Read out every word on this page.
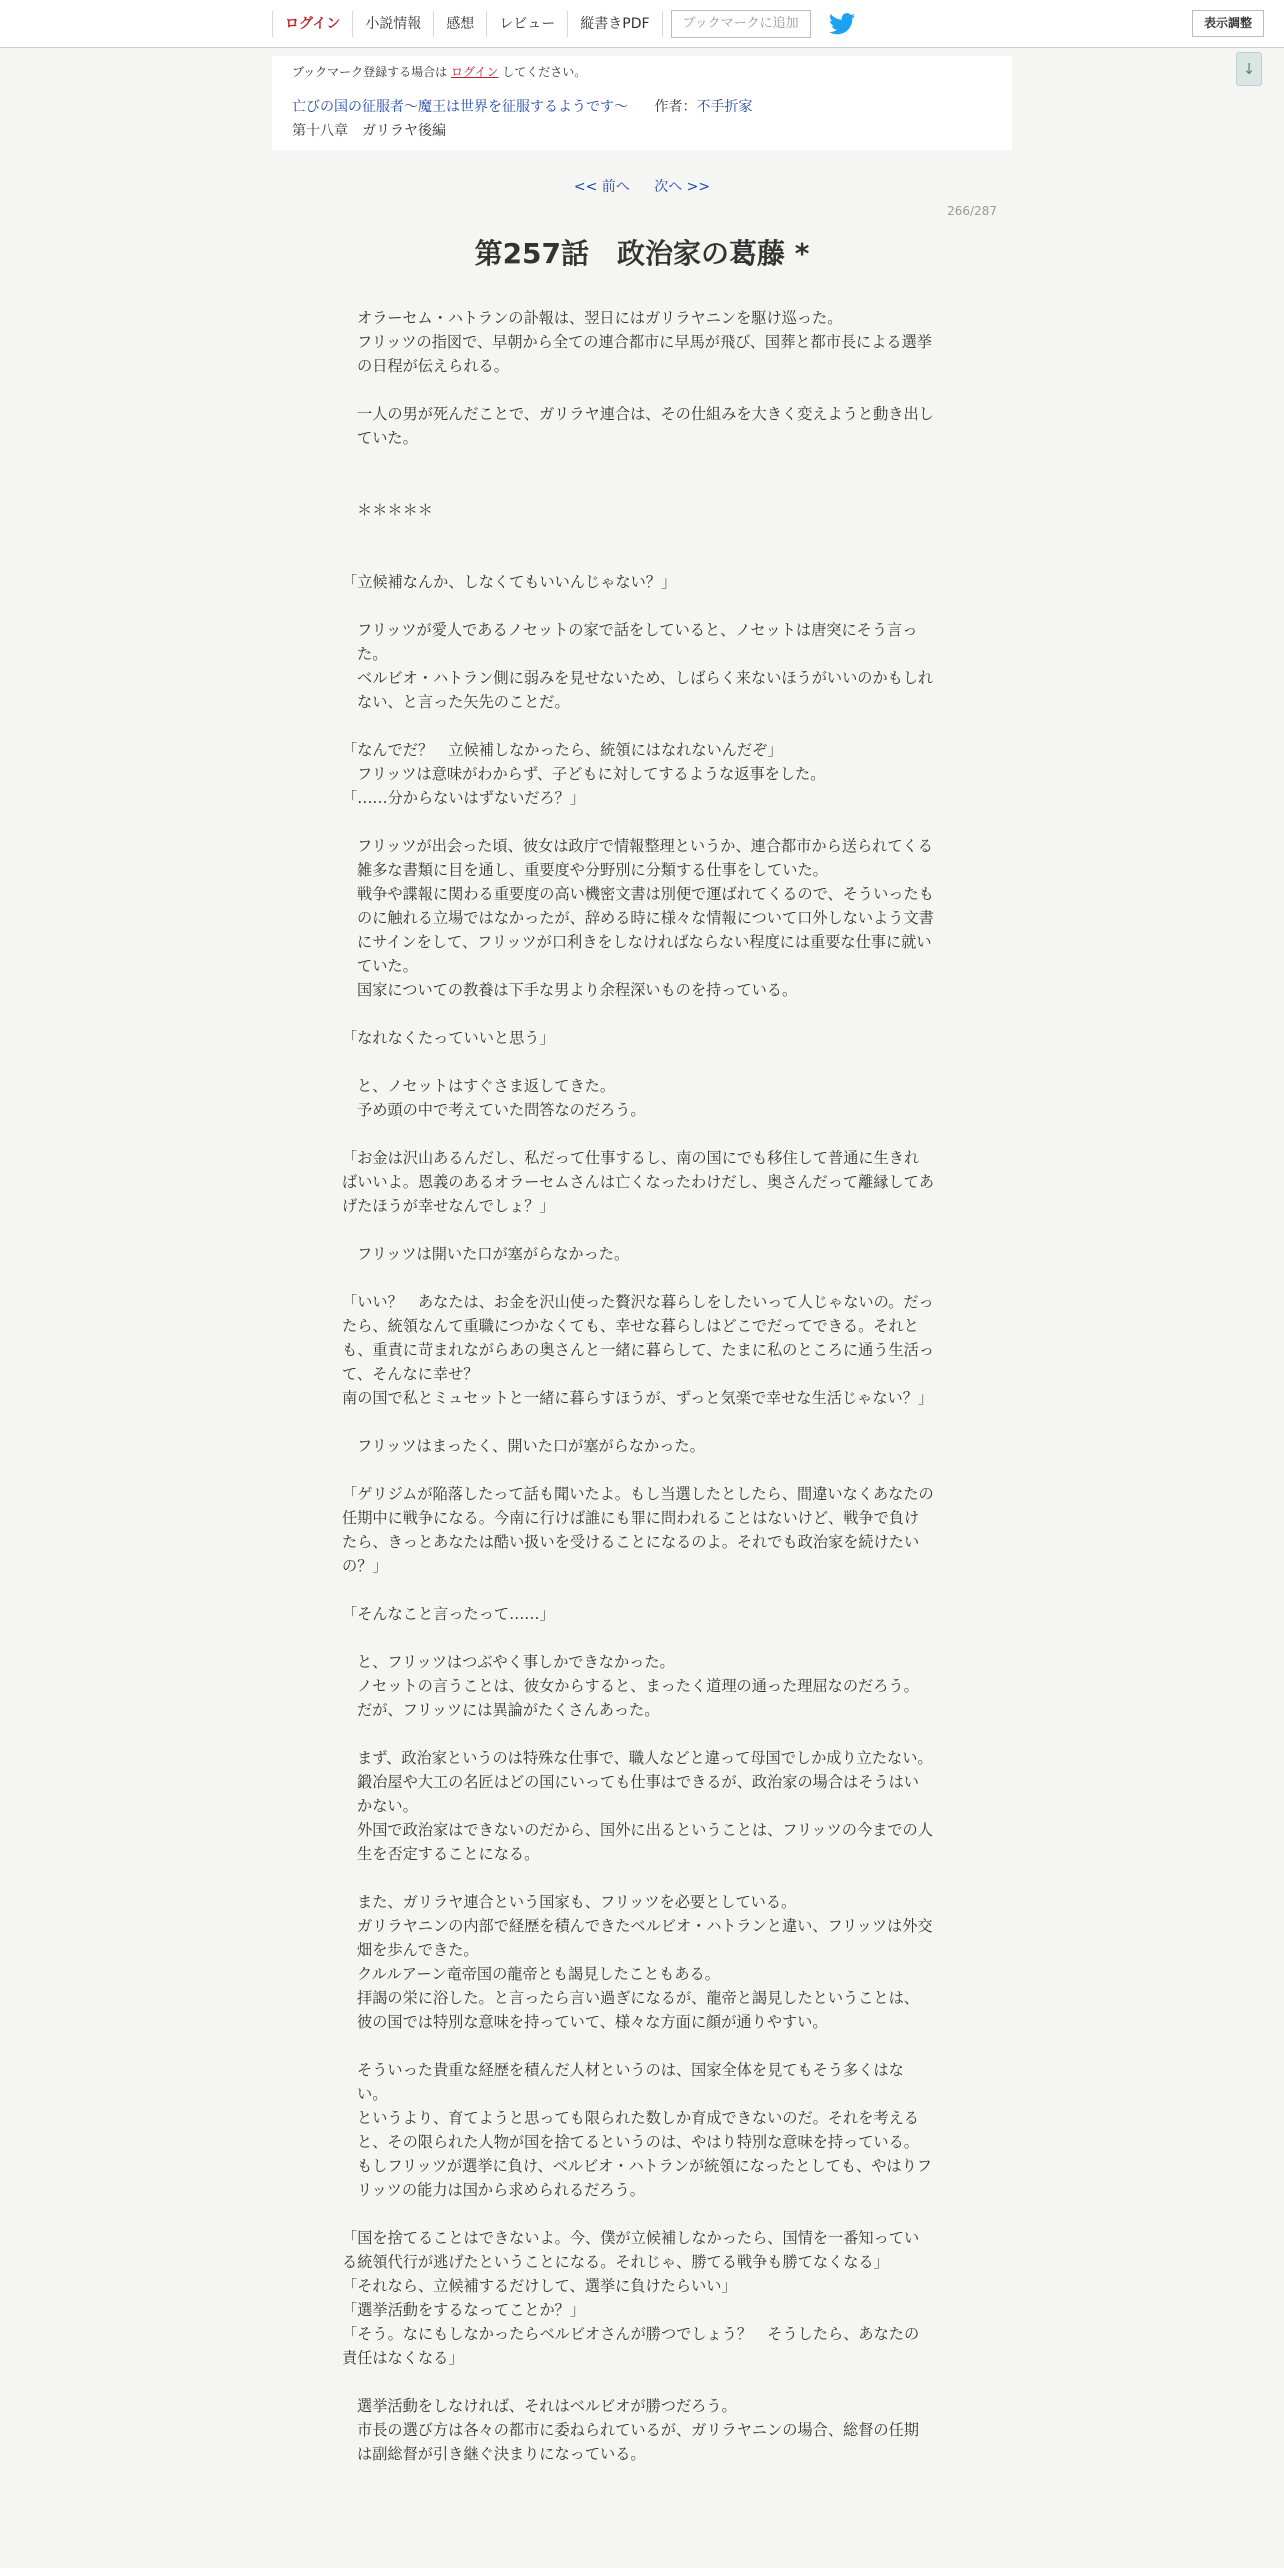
ログイン	小説情報	感想	レビュー	縦書きPDF	ブックマークに追加	表示調整
↓
ブックマーク登録する場合は ログイン してください。
亡びの国の征服者～魔王は世界を征服するようです～ 作者：不手折家
第十八章　ガリラヤ後編
<< 前へ 次へ >>
266/287
第257話　政治家の葛藤 *

オラーセム・ハトランの訃報は、翌日にはガリラヤニンを駆け巡った。

フリッツの指図で、早朝から全ての連合都市に早馬が飛び、国葬と都市長による選挙の日程が伝えられる。

一人の男が死んだことで、ガリラヤ連合は、その仕組みを大きく変えようと動き出していた。

＊＊＊＊＊

「立候補なんか、しなくてもいいんじゃない？」

フリッツが愛人であるノセットの家で話をしていると、ノセットは唐突にそう言った。

ベルビオ・ハトラン側に弱みを見せないため、しばらく来ないほうがいいのかもしれない、と言った矢先のことだ。

「なんでだ？　立候補しなかったら、統領にはなれないんだぞ」

フリッツは意味がわからず、子どもに対してするような返事をした。

「……分からないはずないだろ？」

フリッツが出会った頃、彼女は政庁で情報整理というか、連合都市から送られてくる雑多な書類に目を通し、重要度や分野別に分類する仕事をしていた。

戦争や諜報に関わる重要度の高い機密文書は別便で運ばれてくるので、そういったものに触れる立場ではなかったが、辞める時に様々な情報について口外しないよう文書にサインをして、フリッツが口利きをしなければならない程度には重要な仕事に就いていた。

国家についての教養は下手な男より余程深いものを持っている。

「なれなくたっていいと思う」

と、ノセットはすぐさま返してきた。

予め頭の中で考えていた問答なのだろう。

「お金は沢山あるんだし、私だって仕事するし、南の国にでも移住して普通に生きればいいよ。恩義のあるオラーセムさんは亡くなったわけだし、奥さんだって離縁してあげたほうが幸せなんでしょ？」

フリッツは開いた口が塞がらなかった。

「いい？　あなたは、お金を沢山使った贅沢な暮らしをしたいって人じゃないの。だったら、統領なんて重職につかなくても、幸せな暮らしはどこでだってできる。それとも、重責に苛まれながらあの奥さんと一緒に暮らして、たまに私のところに通う生活って、そんなに幸せ？

南の国で私とミュセットと一緒に暮らすほうが、ずっと気楽で幸せな生活じゃない？」

フリッツはまったく、開いた口が塞がらなかった。

「ゲリジムが陥落したって話も聞いたよ。もし当選したとしたら、間違いなくあなたの任期中に戦争になる。今南に行けば誰にも罪に問われることはないけど、戦争で負けたら、きっとあなたは酷い扱いを受けることになるのよ。それでも政治家を続けたいの？」

「そんなこと言ったって……」

と、フリッツはつぶやく事しかできなかった。

ノセットの言うことは、彼女からすると、まったく道理の通った理屈なのだろう。

だが、フリッツには異論がたくさんあった。

まず、政治家というのは特殊な仕事で、職人などと違って母国でしか成り立たない。鍛冶屋や大工の名匠はどの国にいっても仕事はできるが、政治家の場合はそうはいかない。

外国で政治家はできないのだから、国外に出るということは、フリッツの今までの人生を否定することになる。

また、ガリラヤ連合という国家も、フリッツを必要としている。

ガリラヤニンの内部で経歴を積んできたベルビオ・ハトランと違い、フリッツは外交畑を歩んできた。

クルルアーン竜帝国の龍帝とも謁見したこともある。

拝謁の栄に浴した。と言ったら言い過ぎになるが、龍帝と謁見したということは、彼の国では特別な意味を持っていて、様々な方面に顔が通りやすい。

そういった貴重な経歴を積んだ人材というのは、国家全体を見てもそう多くはない。

というより、育てようと思っても限られた数しか育成できないのだ。それを考えると、その限られた人物が国を捨てるというのは、やはり特別な意味を持っている。

もしフリッツが選挙に負け、ベルビオ・ハトランが統領になったとしても、やはりフリッツの能力は国から求められるだろう。

「国を捨てることはできないよ。今、僕が立候補しなかったら、国情を一番知っている統領代行が逃げたということになる。それじゃ、勝てる戦争も勝てなくなる」

「それなら、立候補するだけして、選挙に負けたらいい」

「選挙活動をするなってことか？」

「そう。なにもしなかったらベルビオさんが勝つでしょう？　そうしたら、あなたの責任はなくなる」

選挙活動をしなければ、それはベルビオが勝つだろう。

市長の選び方は各々の都市に委ねられているが、ガリラヤニンの場合、総督の任期は副総督が引き継ぐ決まりになっている。
